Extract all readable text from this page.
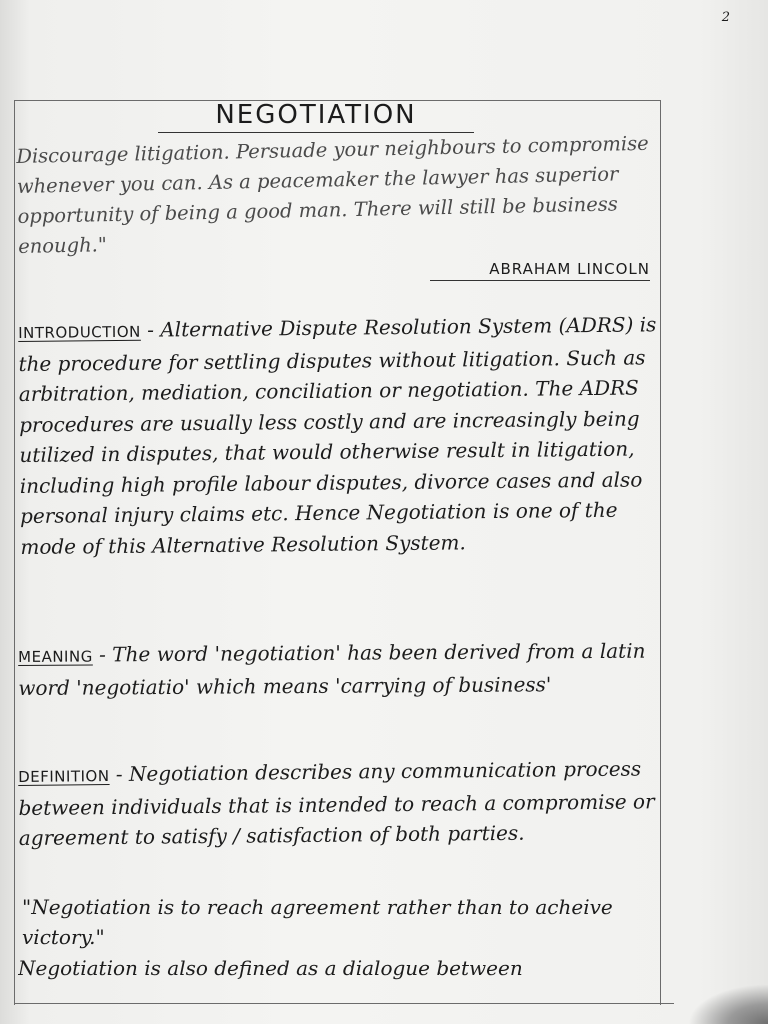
2
NEGOTIATION
Discourage litigation. Persuade your neighbours to compromise whenever you can. As a peacemaker the lawyer has superior opportunity of being a good man. There will still be business enough."
ABRAHAM LINCOLN
INTRODUCTION - Alternative Dispute Resolution System (ADRS) is the procedure for settling disputes without litigation. Such as arbitration, mediation, conciliation or negotiation. The ADRS procedures are usually less costly and are increasingly being utilized in disputes, that would otherwise result in litigation, including high profile labour disputes, divorce cases and also personal injury claims etc. Hence Negotiation is one of the mode of this Alternative Resolution System.
MEANING - The word 'negotiation' has been derived from a latin word 'negotiatio' which means 'carrying of business'
DEFINITION - Negotiation describes any communication process between individuals that is intended to reach a compromise or agreement to satisfy / satisfaction of both parties.
"Negotiation is to reach agreement rather than to acheive victory."
Negotiation is also defined as a dialogue between
